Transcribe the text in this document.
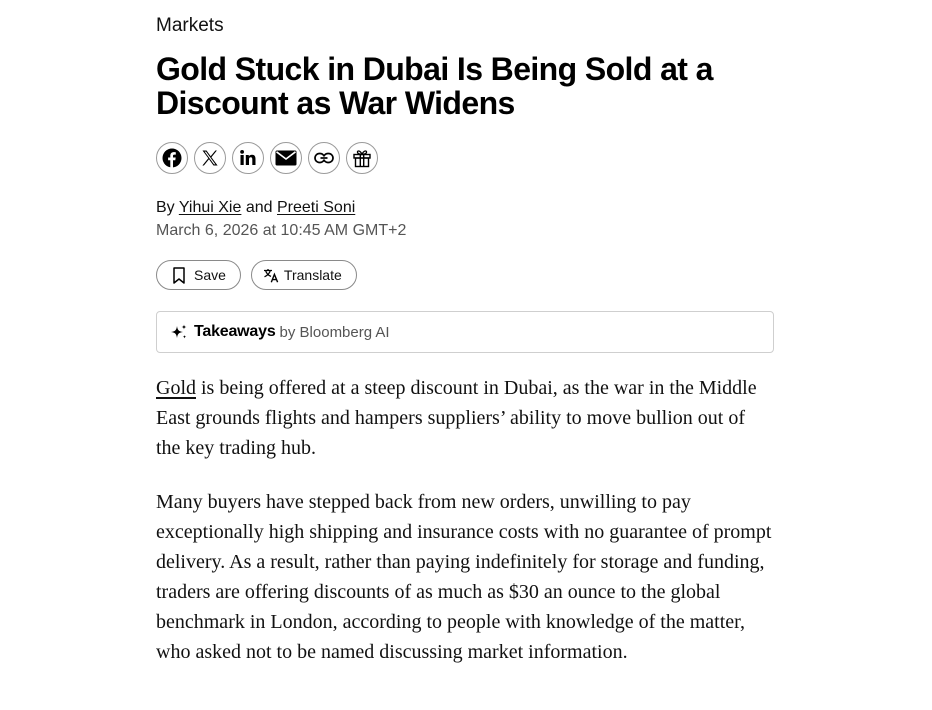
Markets
Gold Stuck in Dubai Is Being Sold at a
Discount as War Widens
By Yihui Xie and Preeti Soni
March 6, 2026 at 10:45 AM GMT+2
Save	Translate
Takeaways by Bloomberg AI

Gold is being offered at a steep discount in Dubai, as the war in the Middle East grounds flights and hampers suppliers’ ability to move bullion out of the key trading hub.

Many buyers have stepped back from new orders, unwilling to pay exceptionally high shipping and insurance costs with no guarantee of prompt delivery. As a result, rather than paying indefinitely for storage and funding, traders are offering discounts of as much as $30 an ounce to the global benchmark in London, according to people with knowledge of the matter, who asked not to be named discussing market information.
